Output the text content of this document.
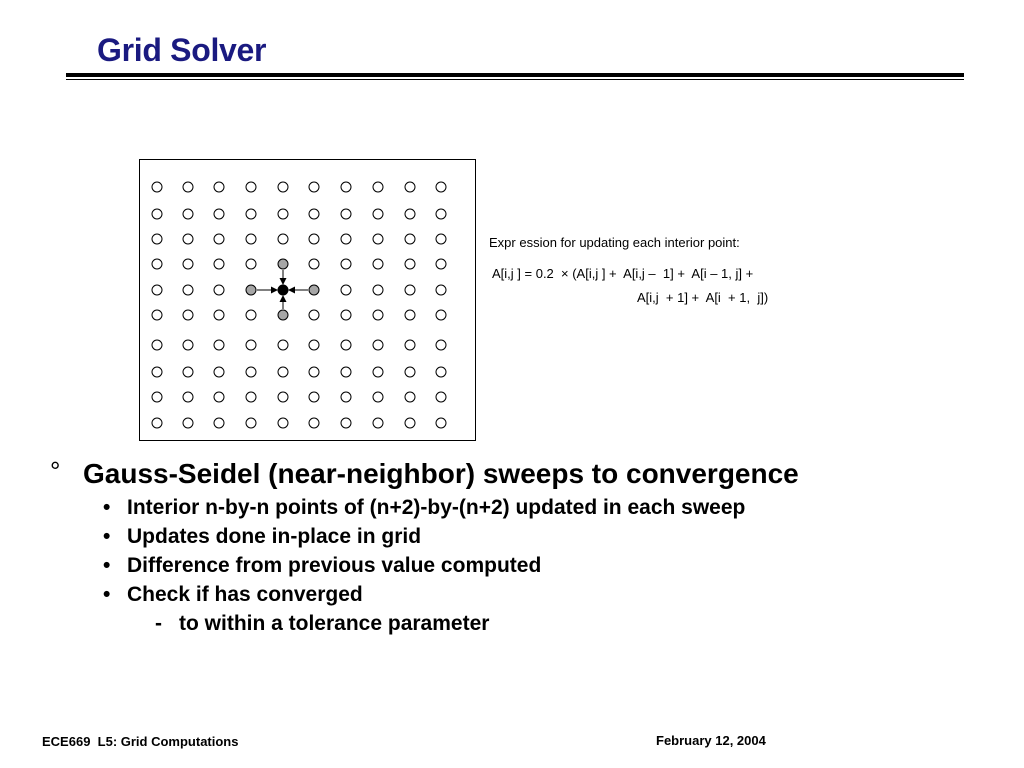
Grid Solver
Expr ession for updating each interior point:
A[i,j ] = 0.2  × (A[i,j ] +  A[i,j –  1] +  A[i – 1, j] +
A[i,j  + 1] +  A[i  + 1,  j])
° Gauss-Seidel (near-neighbor) sweeps to convergence
• Interior n-by-n points of (n+2)-by-(n+2) updated in each sweep
• Updates done in-place in grid
• Difference from previous value computed
• Check if has converged
- to within a tolerance parameter
ECE669  L5: Grid Computations	February 12, 2004
